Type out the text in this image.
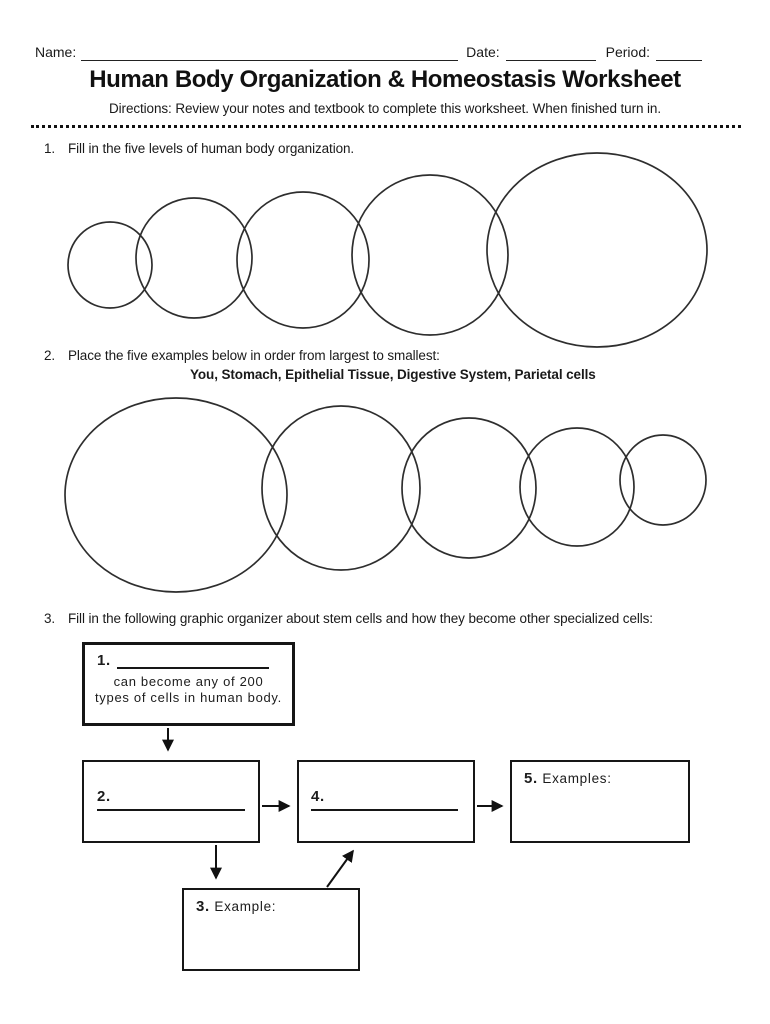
Name:	Date:	Period:
Human Body Organization & Homeostasis Worksheet
Directions: Review your notes and textbook to complete this worksheet. When finished turn in.
1. Fill in the five levels of human body organization.
2. Place the five examples below in order from largest to smallest:
You, Stomach, Epithelial Tissue, Digestive System, Parietal cells
3. Fill in the following graphic organizer about stem cells and how they become other specialized cells:
1.
can become any of 200
types of cells in human body.
2.	4.
5. Examples:
3. Example:
